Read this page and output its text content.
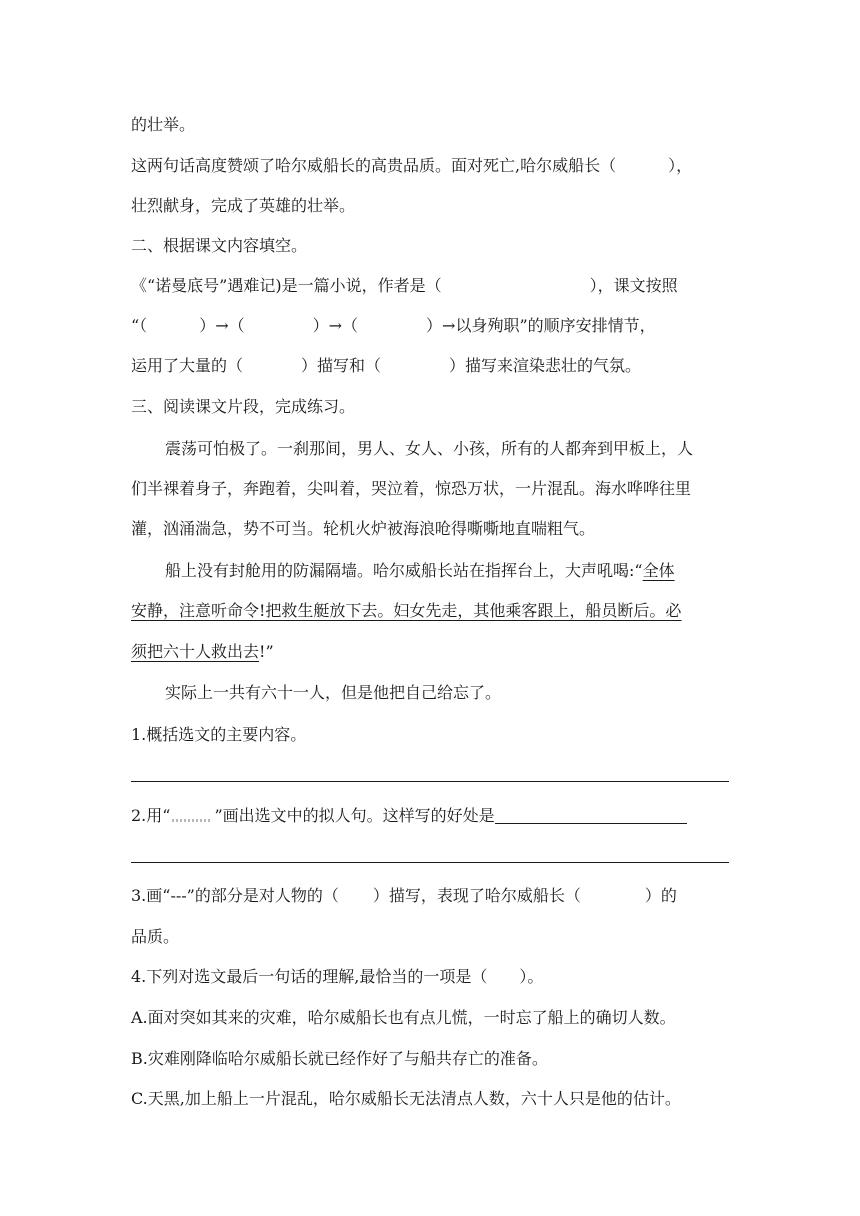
的壮举。
这两句话高度赞颂了哈尔威船长的高贵品质。面对死亡,哈尔威船长（	），
壮烈献身，完成了英雄的壮举。
二、根据课文内容填空。
《“诺曼底号”遇难记)是一篇小说，作者是（	），课文按照
“（	）→（	）→（	）→以身殉职”的顺序安排情节，
运用了大量的（	）描写和（	）描写来渲染悲壮的气氛。
三、阅读课文片段，完成练习。
震荡可怕极了。一刹那间，男人、女人、小孩，所有的人都奔到甲板上，人
们半裸着身子，奔跑着，尖叫着，哭泣着，惊恐万状，一片混乱。海水哗哗往里
灌，汹涌湍急，势不可当。轮机火炉被海浪呛得嘶嘶地直喘粗气。
船上没有封舱用的防漏隔墙。哈尔威船长站在指挥台上，大声吼喝:“全体
安静，注意听命令!把救生艇放下去。妇女先走，其他乘客跟上，船员断后。必
须把六十人救出去!”
实际上一共有六十一人，但是他把自己给忘了。
1.概括选文的主要内容。
2.用“	”画出选文中的拟人句。这样写的好处是
3.画“---”的部分是对人物的（ ）描写，表现了哈尔威船长（	）的
品质。
4.下列对选文最后一句话的理解,最恰当的一项是（　　）。
A.面对突如其来的灾难，哈尔威船长也有点儿慌，一时忘了船上的确切人数。
B.灾难刚降临哈尔威船长就已经作好了与船共存亡的准备。
C.天黑,加上船上一片混乱，哈尔威船长无法清点人数，六十人只是他的估计。
